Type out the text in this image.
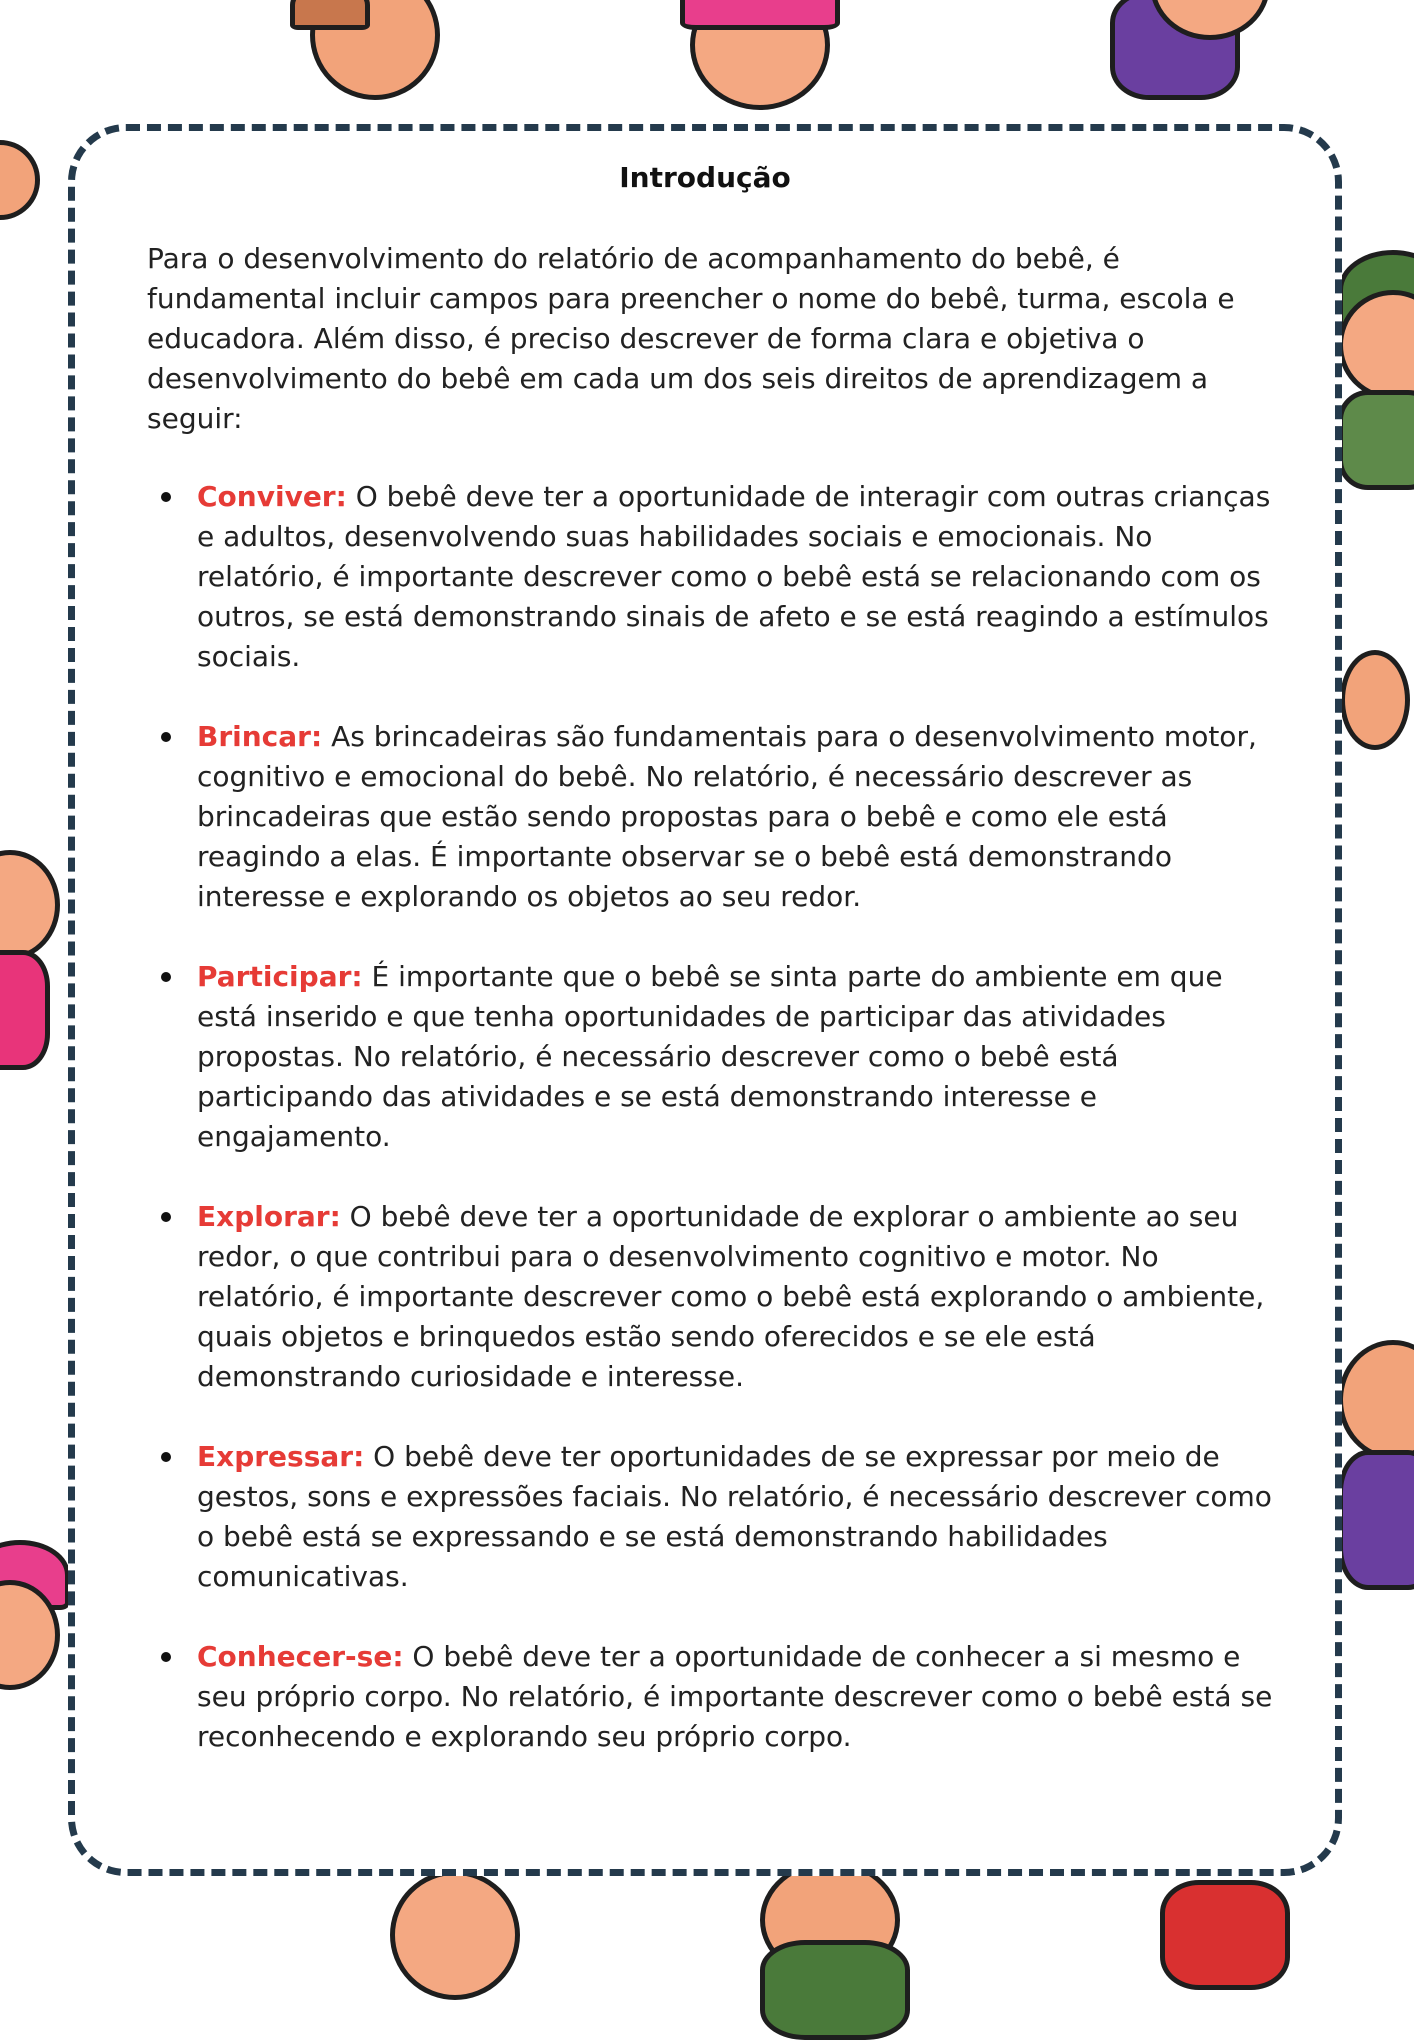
Introdução

Para o desenvolvimento do relatório de acompanhamento do bebê, é fundamental incluir campos para preencher o nome do bebê, turma, escola e educadora. Além disso, é preciso descrever de forma clara e objetiva o desenvolvimento do bebê em cada um dos seis direitos de aprendizagem a seguir:

Conviver: O bebê deve ter a oportunidade de interagir com outras crianças e adultos, desenvolvendo suas habilidades sociais e emocionais. No relatório, é importante descrever como o bebê está se relacionando com os outros, se está demonstrando sinais de afeto e se está reagindo a estímulos sociais.
Brincar: As brincadeiras são fundamentais para o desenvolvimento motor, cognitivo e emocional do bebê. No relatório, é necessário descrever as brincadeiras que estão sendo propostas para o bebê e como ele está reagindo a elas. É importante observar se o bebê está demonstrando interesse e explorando os objetos ao seu redor.
Participar: É importante que o bebê se sinta parte do ambiente em que está inserido e que tenha oportunidades de participar das atividades propostas. No relatório, é necessário descrever como o bebê está participando das atividades e se está demonstrando interesse e engajamento.
Explorar: O bebê deve ter a oportunidade de explorar o ambiente ao seu redor, o que contribui para o desenvolvimento cognitivo e motor. No relatório, é importante descrever como o bebê está explorando o ambiente, quais objetos e brinquedos estão sendo oferecidos e se ele está demonstrando curiosidade e interesse.
Expressar: O bebê deve ter oportunidades de se expressar por meio de gestos, sons e expressões faciais. No relatório, é necessário descrever como o bebê está se expressando e se está demonstrando habilidades comunicativas.
Conhecer-se: O bebê deve ter a oportunidade de conhecer a si mesmo e seu próprio corpo. No relatório, é importante descrever como o bebê está se reconhecendo e explorando seu próprio corpo.
